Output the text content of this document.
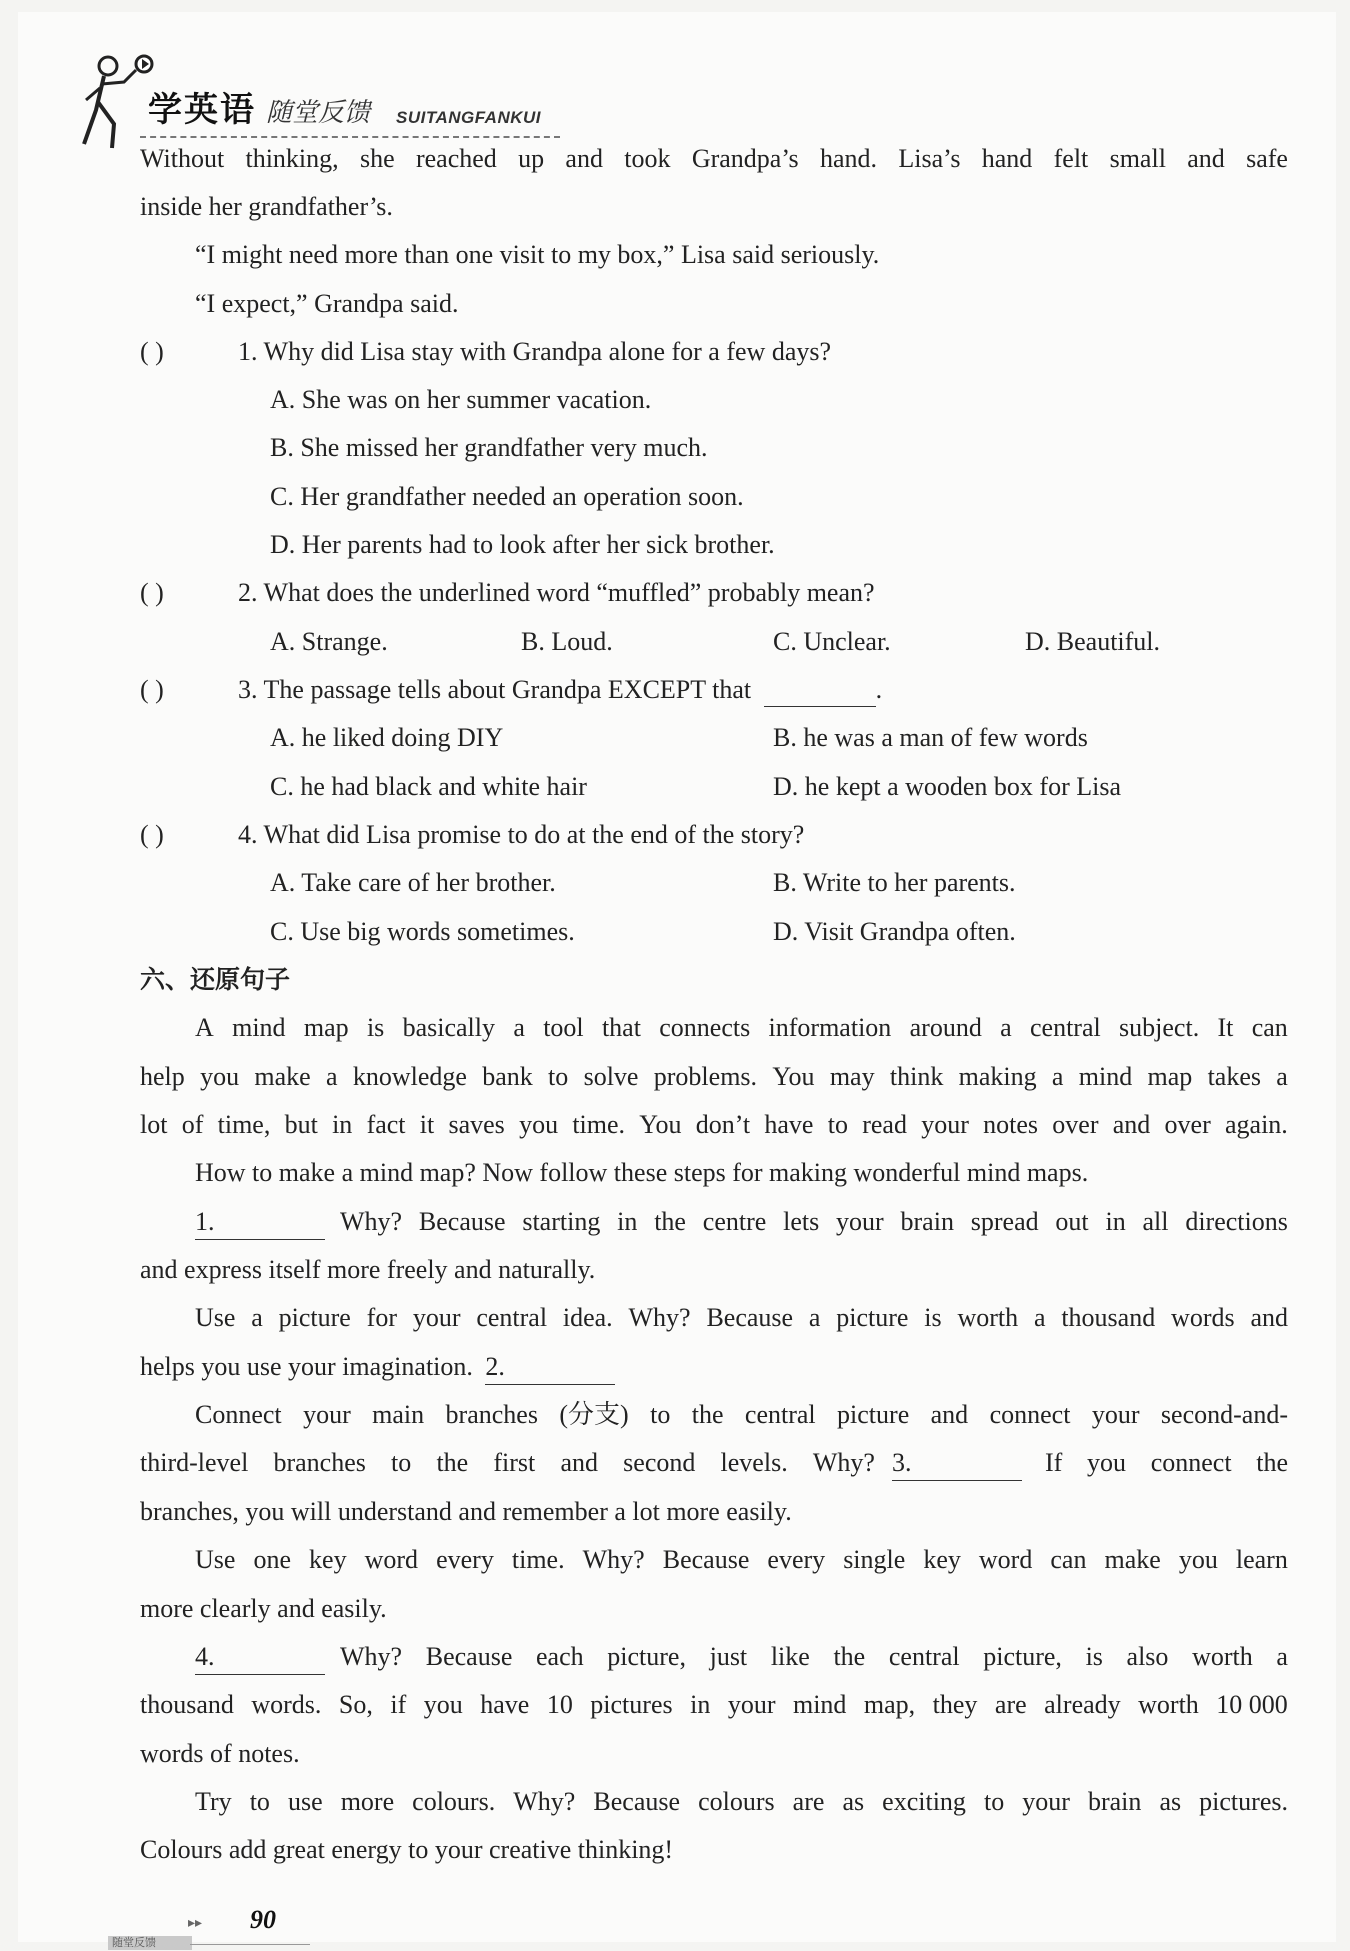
学英语 随堂反馈 SUITANGFANKUI
Without thinking, she reached up and took Grandpa’s hand. Lisa’s hand felt small and safe
inside her grandfather’s.
“I might need more than one visit to my box,” Lisa said seriously.
“I expect,” Grandpa said.
( )	1. Why did Lisa stay with Grandpa alone for a few days?
A. She was on her summer vacation.
B. She missed her grandfather very much.
C. Her grandfather needed an operation soon.
D. Her parents had to look after her sick brother.
( )	2. What does the underlined word “muffled” probably mean?
A. Strange.	B. Loud.	C. Unclear.	D. Beautiful.
( )	3. The passage tells about Grandpa EXCEPT that	.
A. he liked doing DIY	B. he was a man of few words
C. he had black and white hair	D. he kept a wooden box for Lisa
( )	4. What did Lisa promise to do at the end of the story?
A. Take care of her brother.	B. Write to her parents.
C. Use big words sometimes.	D. Visit Grandpa often.
六、还原句子
A mind map is basically a tool that connects information around a central subject. It can
help you make a knowledge bank to solve problems. You may think making a mind map takes a
lot of time, but in fact it saves you time. You don’t have to read your notes over and over again.
How to make a mind map? Now follow these steps for making wonderful mind maps.
1.	Why? Because starting in the centre lets your brain spread out in all directions
and express itself more freely and naturally.
Use a picture for your central idea. Why? Because a picture is worth a thousand words and
helps you use your imagination. 2.
Connect your main branches (分支) to the central picture and connect your second-and-
third-level branches to the first and second levels. Why? 3.	If you connect the
branches, you will understand and remember a lot more easily.
Use one key word every time. Why? Because every single key word can make you learn
more clearly and easily.
4.	Why? Because each picture, just like the central picture, is also worth a
thousand words. So, if you have 10 pictures in your mind map, they are already worth 10 000
words of notes.
Try to use more colours. Why? Because colours are as exciting to your brain as pictures.
Colours add great energy to your creative thinking!
▸▸ 90
随堂反馈
